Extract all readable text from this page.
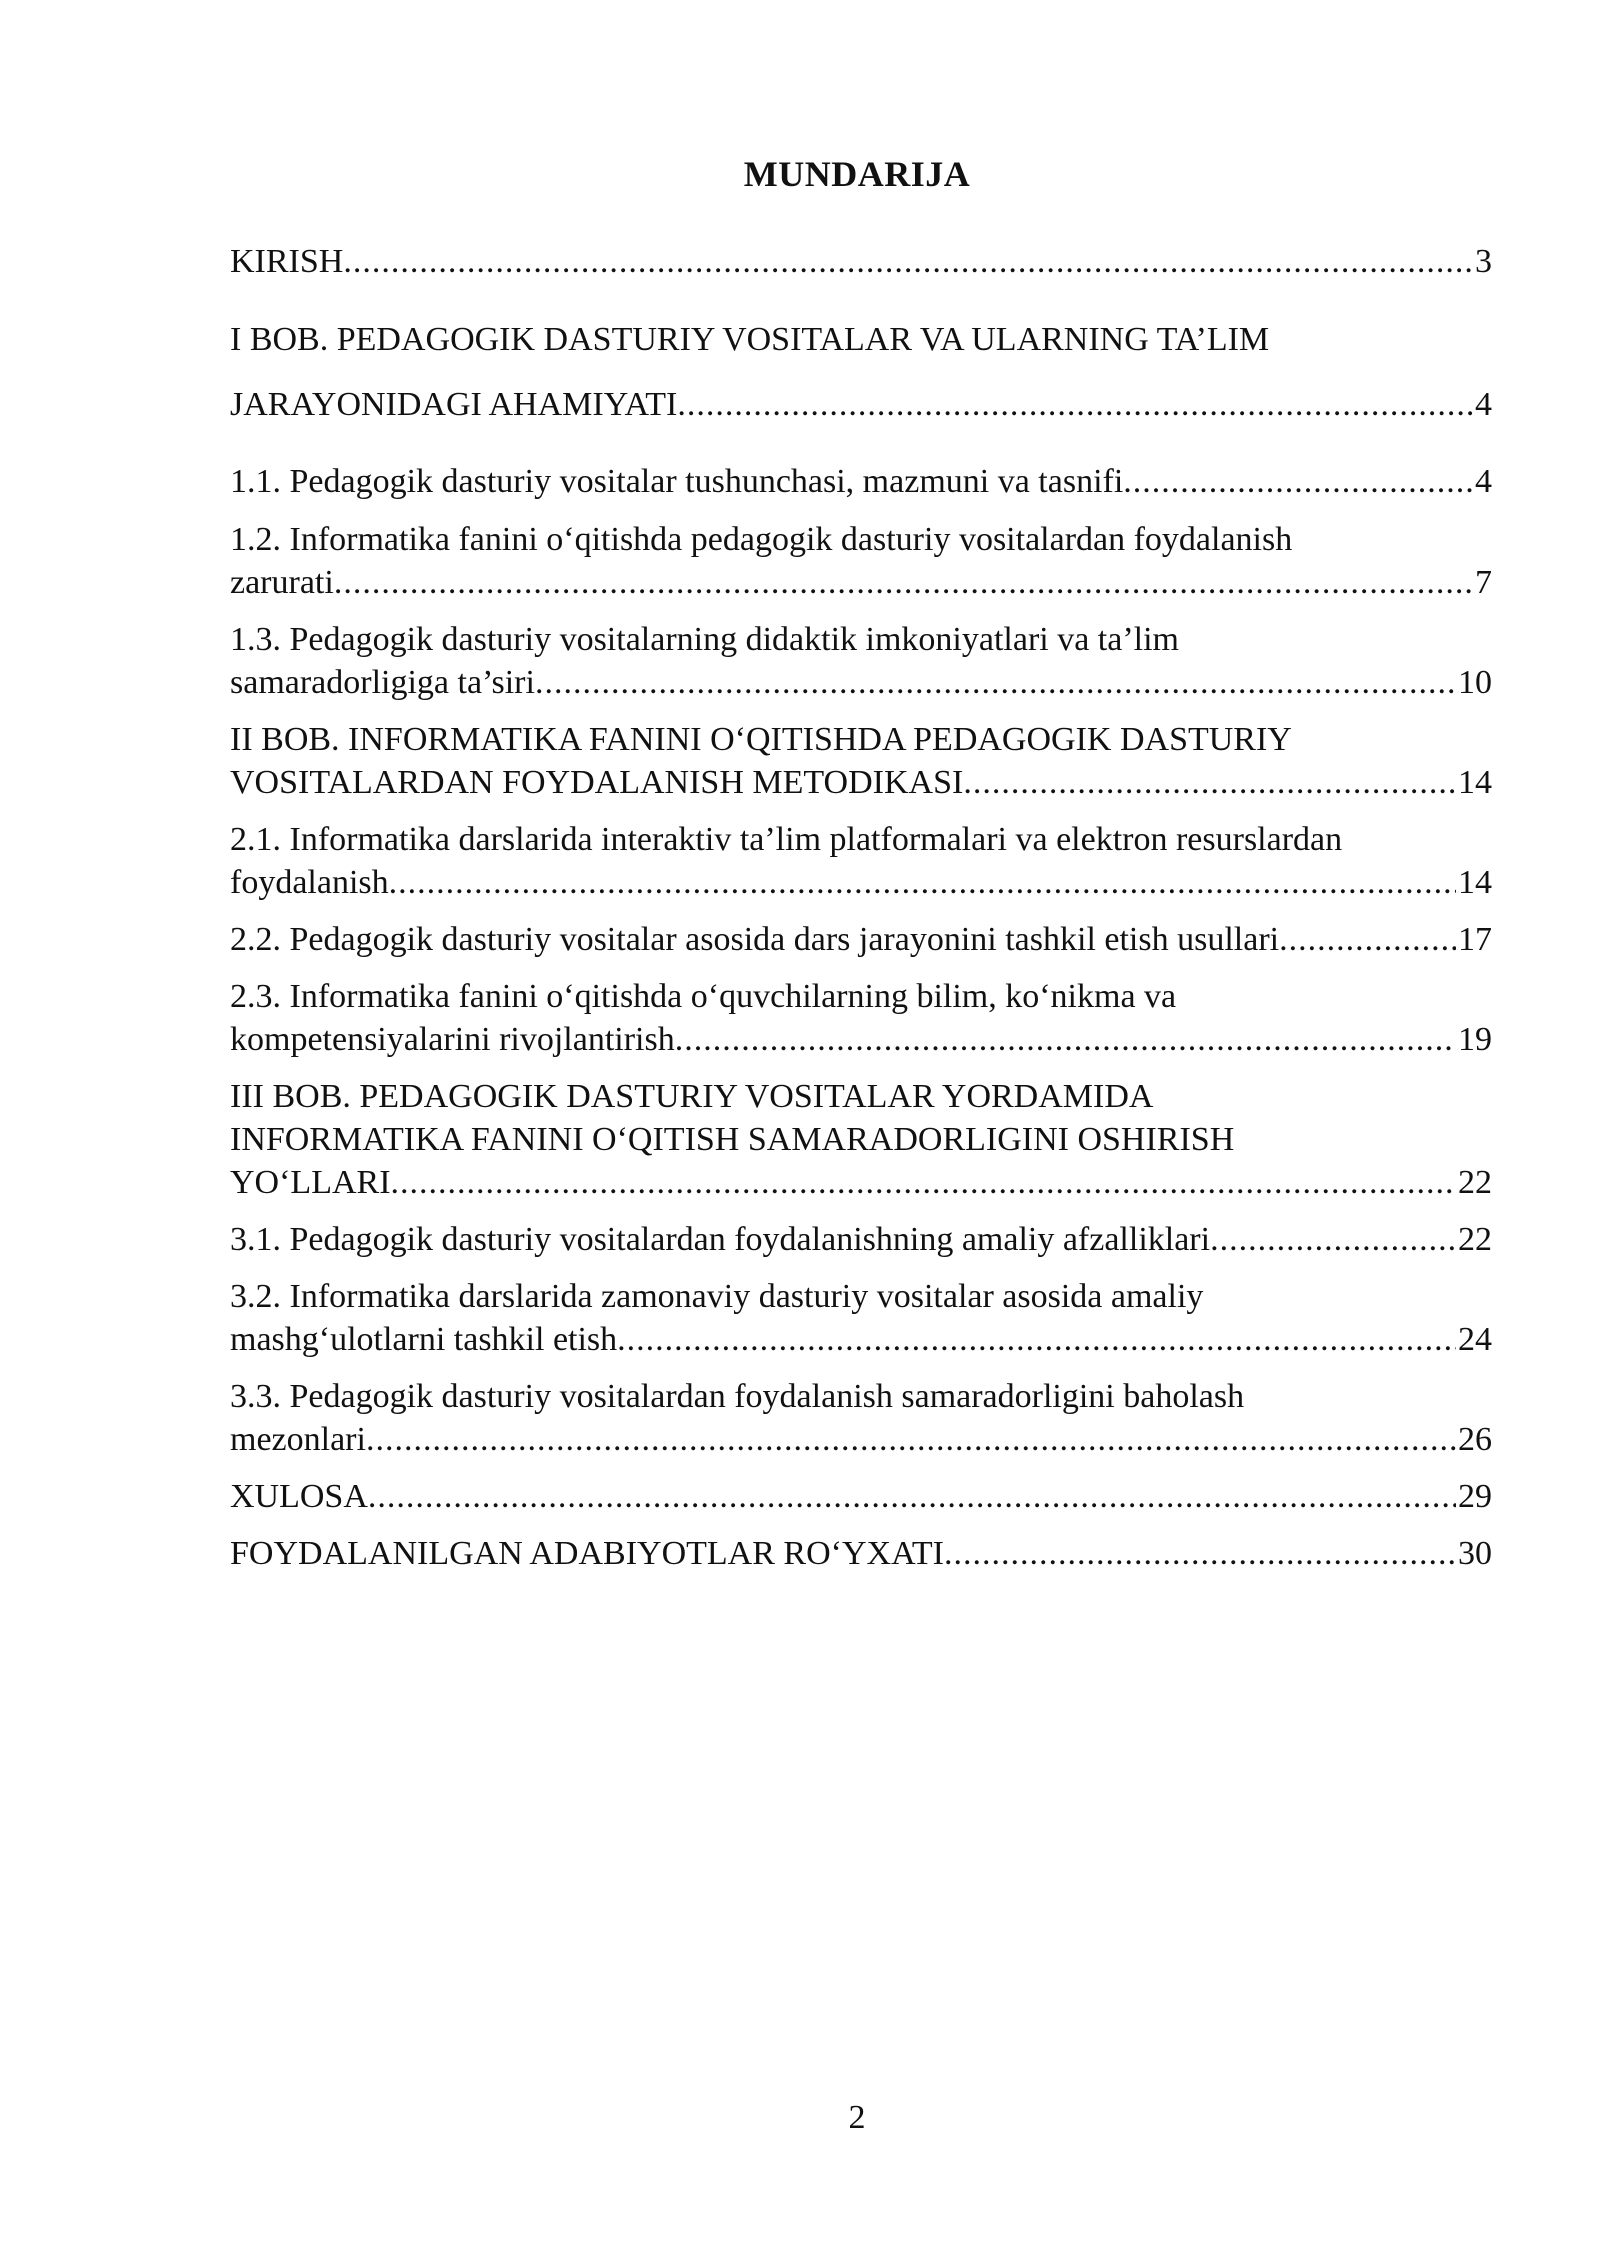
MUNDARIJA
KIRISH .....	3
I BOB. PEDAGOGIK DASTURIY VOSITALAR VA ULARNING TA’LIM
JARAYONIDAGI AHAMIYATI .....	4
1.1. Pedagogik dasturiy vositalar tushunchasi, mazmuni va tasnifi .....	4
1.2. Informatika fanini o‘qitishda pedagogik dasturiy vositalardan foydalanish
zarurati .....	7
1.3. Pedagogik dasturiy vositalarning didaktik imkoniyatlari va ta’lim
samaradorligiga ta’siri .....	10
II BOB. INFORMATIKA FANINI O‘QITISHDA PEDAGOGIK DASTURIY
VOSITALARDAN FOYDALANISH METODIKASI .....	14
2.1. Informatika darslarida interaktiv ta’lim platformalari va elektron resurslardan
foydalanish .....	14
2.2. Pedagogik dasturiy vositalar asosida dars jarayonini tashkil etish usullari .....	17
2.3. Informatika fanini o‘qitishda o‘quvchilarning bilim, ko‘nikma va
kompetensiyalarini rivojlantirish .....	19
III BOB. PEDAGOGIK DASTURIY VOSITALAR YORDAMIDA
INFORMATIKA FANINI O‘QITISH SAMARADORLIGINI OSHIRISH
YO‘LLARI .....	22
3.1. Pedagogik dasturiy vositalardan foydalanishning amaliy afzalliklari .....	22
3.2. Informatika darslarida zamonaviy dasturiy vositalar asosida amaliy
mashg‘ulotlarni tashkil etish .....	24
3.3. Pedagogik dasturiy vositalardan foydalanish samaradorligini baholash
mezonlari .....	26
XULOSA .....	29
FOYDALANILGAN ADABIYOTLAR RO‘YXATI .....	30
2
